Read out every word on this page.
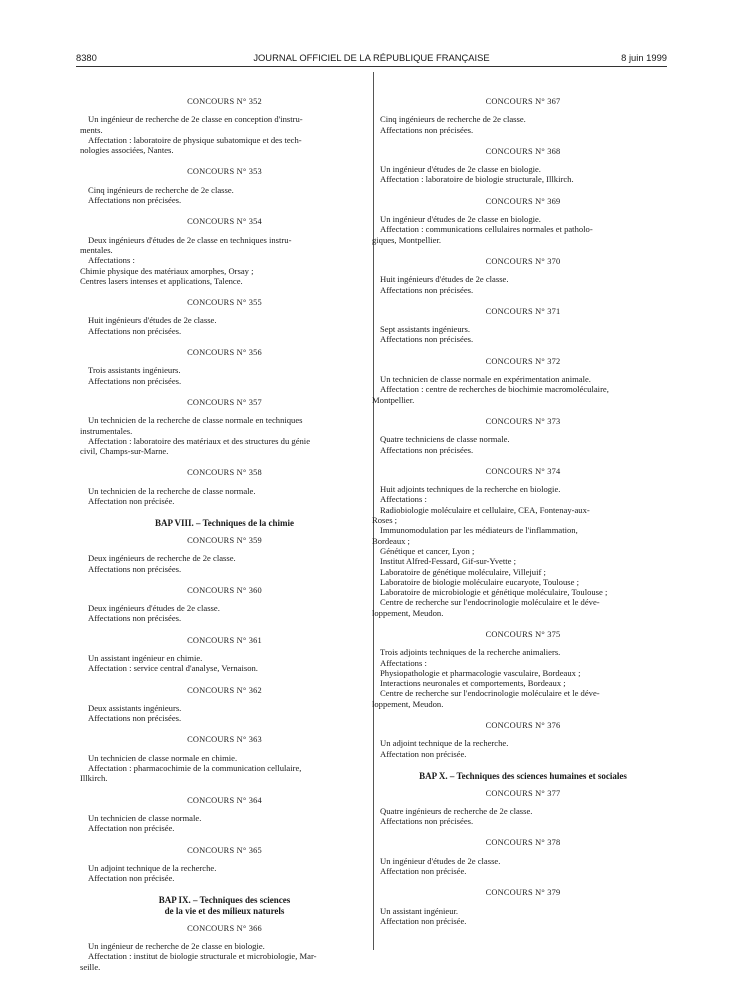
8380	JOURNAL OFFICIEL DE LA RÉPUBLIQUE FRANÇAISE	8 juin 1999
CONCOURS N° 352
Un ingénieur de recherche de 2e classe en conception d'instru-
ments.
Affectation : laboratoire de physique subatomique et des tech-
nologies associées, Nantes.
CONCOURS N° 353
Cinq ingénieurs de recherche de 2e classe.
Affectations non précisées.
CONCOURS N° 354
Deux ingénieurs d'études de 2e classe en techniques instru-
mentales.
Affectations :
Chimie physique des matériaux amorphes, Orsay ;
Centres lasers intenses et applications, Talence.
CONCOURS N° 355
Huit ingénieurs d'études de 2e classe.
Affectations non précisées.
CONCOURS N° 356
Trois assistants ingénieurs.
Affectations non précisées.
CONCOURS N° 357
Un technicien de la recherche de classe normale en techniques
instrumentales.
Affectation : laboratoire des matériaux et des structures du génie
civil, Champs-sur-Marne.
CONCOURS N° 358
Un technicien de la recherche de classe normale.
Affectation non précisée.
BAP VIII. – Techniques de la chimie
CONCOURS N° 359
Deux ingénieurs de recherche de 2e classe.
Affectations non précisées.
CONCOURS N° 360
Deux ingénieurs d'études de 2e classe.
Affectations non précisées.
CONCOURS N° 361
Un assistant ingénieur en chimie.
Affectation : service central d'analyse, Vernaison.
CONCOURS N° 362
Deux assistants ingénieurs.
Affectations non précisées.
CONCOURS N° 363
Un technicien de classe normale en chimie.
Affectation : pharmacochimie de la communication cellulaire,
Illkirch.
CONCOURS N° 364
Un technicien de classe normale.
Affectation non précisée.
CONCOURS N° 365
Un adjoint technique de la recherche.
Affectation non précisée.
BAP IX. – Techniques des sciences
de la vie et des milieux naturels
CONCOURS N° 366
Un ingénieur de recherche de 2e classe en biologie.
Affectation : institut de biologie structurale et microbiologie, Mar-
seille.
CONCOURS N° 367
Cinq ingénieurs de recherche de 2e classe.
Affectations non précisées.
CONCOURS N° 368
Un ingénieur d'études de 2e classe en biologie.
Affectation : laboratoire de biologie structurale, Illkirch.
CONCOURS N° 369
Un ingénieur d'études de 2e classe en biologie.
Affectation : communications cellulaires normales et patholo-
giques, Montpellier.
CONCOURS N° 370
Huit ingénieurs d'études de 2e classe.
Affectations non précisées.
CONCOURS N° 371
Sept assistants ingénieurs.
Affectations non précisées.
CONCOURS N° 372
Un technicien de classe normale en expérimentation animale.
Affectation : centre de recherches de biochimie macromoléculaire,
Montpellier.
CONCOURS N° 373
Quatre techniciens de classe normale.
Affectations non précisées.
CONCOURS N° 374
Huit adjoints techniques de la recherche en biologie.
Affectations :
Radiobiologie moléculaire et cellulaire, CEA, Fontenay-aux-
Roses ;
Immunomodulation par les médiateurs de l'inflammation,
Bordeaux ;
Génétique et cancer, Lyon ;
Institut Alfred-Fessard, Gif-sur-Yvette ;
Laboratoire de génétique moléculaire, Villejuif ;
Laboratoire de biologie moléculaire eucaryote, Toulouse ;
Laboratoire de microbiologie et génétique moléculaire, Toulouse ;
Centre de recherche sur l'endocrinologie moléculaire et le déve-
loppement, Meudon.
CONCOURS N° 375
Trois adjoints techniques de la recherche animaliers.
Affectations :
Physiopathologie et pharmacologie vasculaire, Bordeaux ;
Interactions neuronales et comportements, Bordeaux ;
Centre de recherche sur l'endocrinologie moléculaire et le déve-
loppement, Meudon.
CONCOURS N° 376
Un adjoint technique de la recherche.
Affectation non précisée.
BAP X. – Techniques des sciences humaines et sociales
CONCOURS N° 377
Quatre ingénieurs de recherche de 2e classe.
Affectations non précisées.
CONCOURS N° 378
Un ingénieur d'études de 2e classe.
Affectation non précisée.
CONCOURS N° 379
Un assistant ingénieur.
Affectation non précisée.
